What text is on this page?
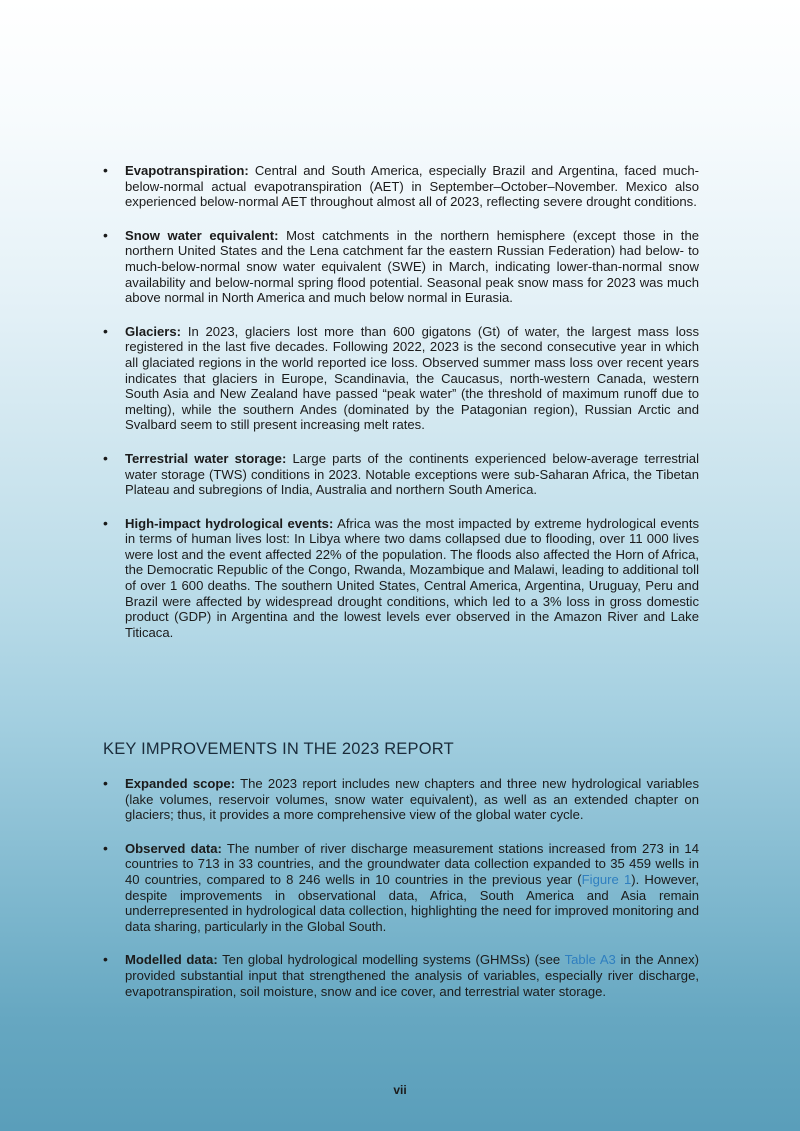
• Evapotranspiration: Central and South America, especially Brazil and Argentina, faced much-below-normal actual evapotranspiration (AET) in September–October–November. Mexico also experienced below-normal AET throughout almost all of 2023, reflecting severe drought conditions.
• Snow water equivalent: Most catchments in the northern hemisphere (except those in the northern United States and the Lena catchment far the eastern Russian Federation) had below- to much-below-normal snow water equivalent (SWE) in March, indicating lower-than-normal snow availability and below-normal spring flood potential. Seasonal peak snow mass for 2023 was much above normal in North America and much below normal in Eurasia.
• Glaciers: In 2023, glaciers lost more than 600 gigatons (Gt) of water, the largest mass loss registered in the last five decades. Following 2022, 2023 is the second consecutive year in which all glaciated regions in the world reported ice loss. Observed summer mass loss over recent years indicates that glaciers in Europe, Scandinavia, the Caucasus, north-western Canada, western South Asia and New Zealand have passed “peak water” (the threshold of maximum runoff due to melting), while the southern Andes (dominated by the Patagonian region), Russian Arctic and Svalbard seem to still present increasing melt rates.
• Terrestrial water storage: Large parts of the continents experienced below-average terrestrial water storage (TWS) conditions in 2023. Notable exceptions were sub-Saharan Africa, the Tibetan Plateau and subregions of India, Australia and northern South America.
• High-impact hydrological events: Africa was the most impacted by extreme hydrological events in terms of human lives lost: In Libya where two dams collapsed due to flooding, over 11 000 lives were lost and the event affected 22% of the population. The floods also affected the Horn of Africa, the Democratic Republic of the Congo, Rwanda, Mozambique and Malawi, leading to additional toll of over 1 600 deaths. The southern United States, Central America, Argentina, Uruguay, Peru and Brazil were affected by widespread drought conditions, which led to a 3% loss in gross domestic product (GDP) in Argentina and the lowest levels ever observed in the Amazon River and Lake Titicaca.
KEY IMPROVEMENTS IN THE 2023 REPORT
• Expanded scope: The 2023 report includes new chapters and three new hydrological variables (lake volumes, reservoir volumes, snow water equivalent), as well as an extended chapter on glaciers; thus, it provides a more comprehensive view of the global water cycle.
• Observed data: The number of river discharge measurement stations increased from 273 in 14 countries to 713 in 33 countries, and the groundwater data collection expanded to 35 459 wells in 40 countries, compared to 8 246 wells in 10 countries in the previous year (Figure 1). However, despite improvements in observational data, Africa, South America and Asia remain underrepresented in hydrological data collection, highlighting the need for improved monitoring and data sharing, particularly in the Global South.
• Modelled data: Ten global hydrological modelling systems (GHMSs) (see Table A3 in the Annex) provided substantial input that strengthened the analysis of variables, especially river discharge, evapotranspiration, soil moisture, snow and ice cover, and terrestrial water storage.
vii
